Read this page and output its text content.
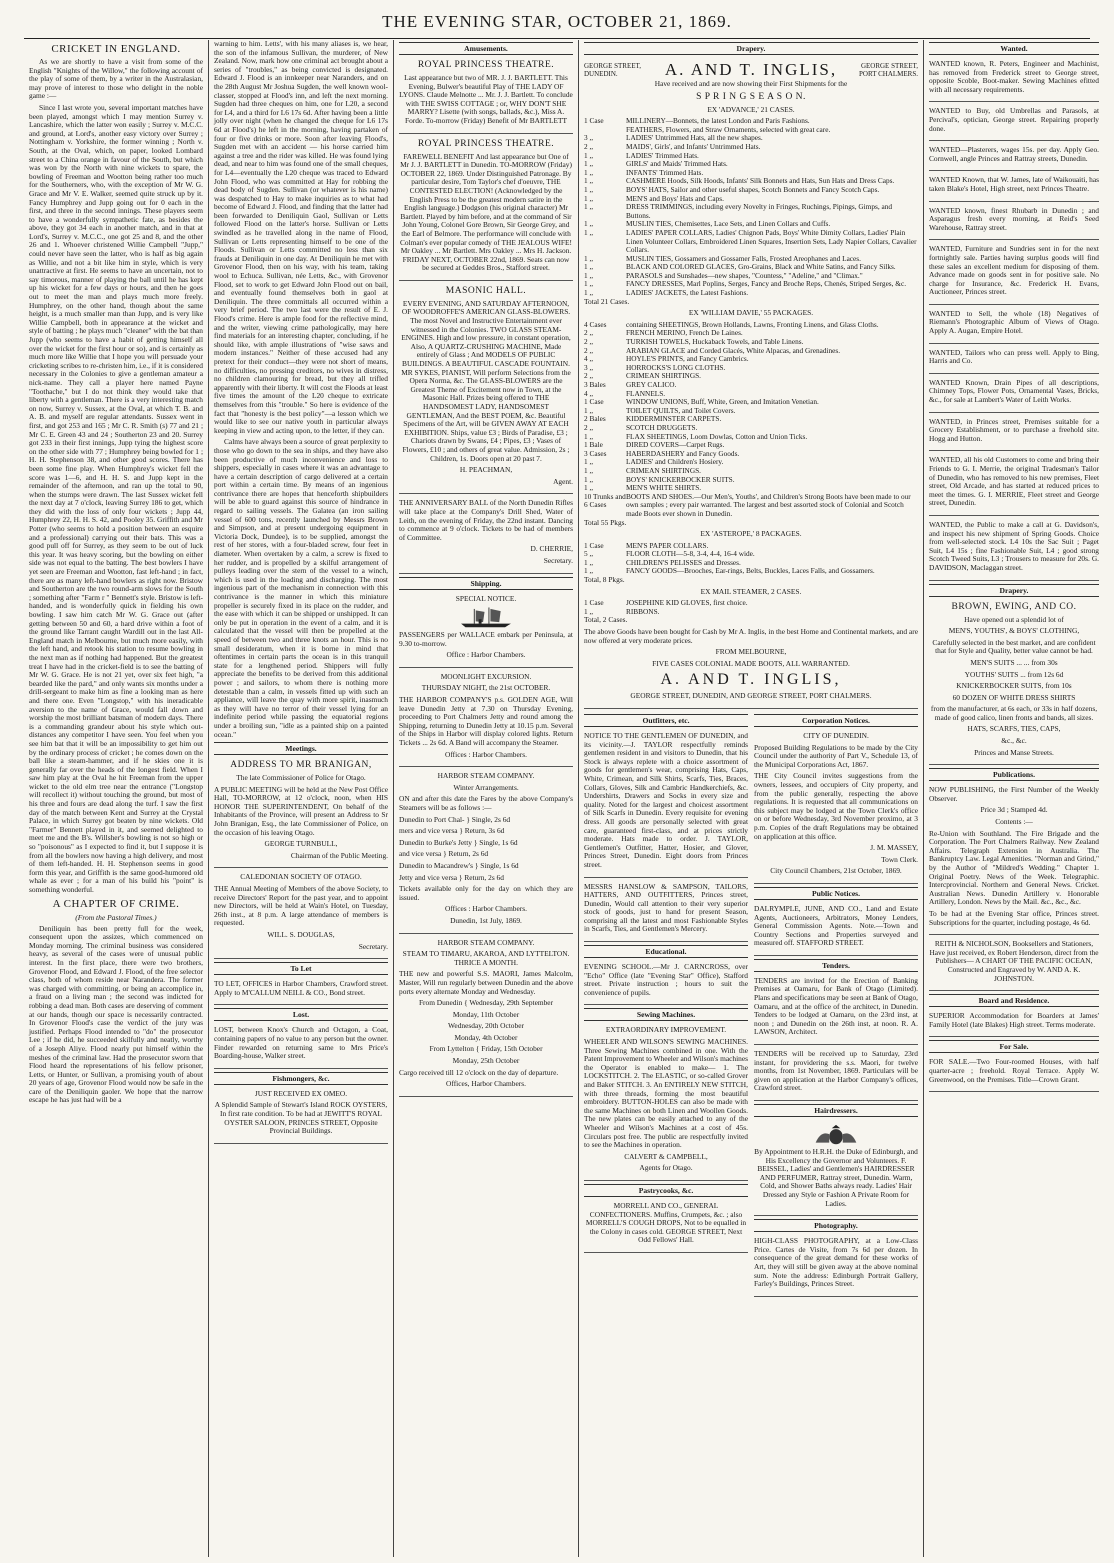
THE EVENING STAR, OCTOBER 21, 1869.
CRICKET IN ENGLAND.

As we are shortly to have a visit from some of the English "Knights of the Willow," the following account of the play of some of them, by a writer in the Australasian, may prove of interest to those who delight in the noble game :—

Since I last wrote you, several important matches have been played, amongst which I may mention Surrey v. Lancashire, which the latter won easily ; Surrey v. M.C.C. and ground, at Lord's, another easy victory over Surrey ; Nottingham v. Yorkshire, the former winning ; North v. South, at the Oval, which, on paper, looked Lombard street to a China orange in favour of the South, but which was won by the North with nine wickets to spare, the bowling of Freeman and Wootton being rather too much for the Southerners, who, with the exception of Mr W. G. Grace and Mr V. E. Walker, seemed quite struck up by it. Fancy Humphrey and Jupp going out for 0 each in the first, and three in the second innings. These players seem to have a wonderfully sympathetic fate, as besides the above, they got 34 each in another match, and in that at Lord's, Surrey v. M.C.C., one got 25 and 8, and the other 26 and 1. Whoever christened Willie Campbell "Jupp," could never have seen the latter, who is half as big again as Willie, and not a bit like him in style, which is very unattractive at first. He seems to have an uncertain, not to say timorous, manner of playing the ball until he has kept up his wicket for a few days or hours, and then he goes out to meet the man and plays much more freely. Humphrey, on the other hand, though about the same height, is a much smaller man than Jupp, and is very like Willie Campbell, both in appearance at the wicket and style of batting ; he plays much "cleaner" with the bat than Jupp (who seems to have a habit of getting himself all over the wicket for the first hour or so), and is certainly as much more like Willie that I hope you will persuade your cricketing scribes to re-christen him, i.e., if it is considered necessary in the Colonies to give a gentleman amateur a nick-name. They call a player here named Payne "Toothache," but I do not think they would take that liberty with a gentleman. There is a very interesting match on now, Surrey v. Sussex, at the Oval, at which T. B. and A. B. and myself are regular attendants. Sussex went in first, and got 253 and 165 ; Mr C. R. Smith (s) 77 and 21 ; Mr C. E. Green 43 and 24 ; Southerton 23 and 20. Surrey got 233 in their first innings, Jupp tying the highest score on the other side with 77 ; Humphrey being bowled for 1 ; H. H. Stephenson 38, and other good scores. There has been some fine play. When Humphrey's wicket fell the score was 1—6, and H. H. S. and Jupp kept in the remainder of the afternoon, and ran up the total to 90, when the stumps were drawn. The last Sussex wicket fell the next day at 7 o'clock, leaving Surrey 186 to get, which they did with the loss of only four wickets ; Jupp 44, Humphrey 22, H. H. S. 42, and Pooley 35. Griffith and Mr Potter (who seems to hold a position between an esquire and a professional) carrying out their bats. This was a good pull off for Surrey, as they seem to be out of luck this year. It was heavy scoring, but the bowling on either side was not equal to the batting. The best bowlers I have yet seen are Freeman and Wootton, fast left-hand ; in fact, there are as many left-hand bowlers as right now. Bristow and Southerton are the two round-arm slows for the South ; something after "Farm r " Bennett's style. Bristow is left-handed, and is wonderfully quick in fielding his own bowling. I saw him catch Mr W. G. Grace out (after getting between 50 and 60, a hard drive within a foot of the ground like Tarrant caught Wardill out in the last All-England match in Melbourne, but much more easily, with the left hand, and retook his station to resume bowling in the next man as if nothing had happened. But the greatest treat I have had in the cricket-field is to see the batting of Mr W. G. Grace. He is not 21 yet, over six feet high, "a bearded like the pard," and only wants six months under a drill-sergeant to make him as fine a looking man as here and there one. Even "Longstop," with his ineradicable aversion to the name of Grace, would fall down and worship the most brilliant batsman of modern days. There is a commanding grandeur about his style which out-distances any competitor I have seen. You feel when you see him bat that it will be an impossibility to get him out by the ordinary process of cricket ; he comes down on the ball like a steam-hammer, and if he skies one it is generally far over the heads of the longest field. When I saw him play at the Oval he hit Freeman from the upper wicket to the old elm tree near the entrance ("Longstop will recollect it) without touching the ground, but most of his three and fours are dead along the turf. I saw the first day of the match between Kent and Surrey at the Crystal Palace, in which Surrey got beaten by nine wickets. Old "Farmer" Bennett played in it, and seemed delighted to meet me and the B's. Willsher's bowling is not so high or so "poisonous" as I expected to find it, but I suppose it is from all the bowlers now having a high delivery, and most of them left-handed. H. H. Stephenson seems in good form this year, and Griffith is the same good-humored old whale as ever ; for a man of his build his "point" is something wonderful.

A CHAPTER OF CRIME.
(From the Pastoral Times.)

Deniliquin has been pretty full for the week, consequent upon the assizes, which commenced on Monday morning. The criminal business was considered heavy, as several of the cases were of unusual public interest. In the first place, there were two brothers, Grovenor Flood, and Edward J. Flood, of the free selector class, both of whom reside near Narandera. The former was charged with committing, or being an accomplice in, a fraud on a living man ; the second was indicted for robbing a dead man. Both cases are deserving of comment at our hands, though our space is necessarily contracted. In Grovenor Flood's case the verdict of the jury was justified. Perhaps Flood intended to "do" the prosecutor Lee ; if he did, he succeeded skilfully and neatly, worthy of a Joseph Aliye. Flood nearly put himself within the meshes of the criminal law. Had the prosecutor sworn that Flood heard the representations of his fellow prisoner, Letts, or Hunter, or Sullivan, a promising youth of about 20 years of age, Grovenor Flood would now be safe in the care of the Deniliquin gaoler. We hope that the narrow escape he has just had will be a

warning to him. Letts', with his many aliases is, we hear, the son of the infamous Sullivan, the murderer, of New Zealand. Now, mark how one criminal act brought about a series of "troubles," as being convicted is designated. Edward J. Flood is an innkeeper near Naranders, and on the 28th August Mr Joshua Sugden, the well known wool-classer, stopped at Flood's inn, and left the next morning. Sugden had three cheques on him, one for L20, a second for L4, and a third for L6 17s 6d. After having been a little jolly over night (when he changed the cheque for L6 17s 6d at Flood's) he left in the morning, having partaken of four or five drinks or more. Soon after leaving Flood's, Sugden met with an accident — his horse carried him against a tree and the rider was killed. He was found lying dead, and near to him was found one of the small cheques, for L4—eventually the L20 cheque was traced to Edward John Flood, who was committed at Hay for robbing the dead body of Sugden. Sullivan (or whatever is his name) was despatched to Hay to make inquiries as to what had become of Edward J. Flood, and finding that the latter had been forwarded to Deniliquin Gaol, Sullivan or Letts followed Flood on the latter's horse. Sullivan or Letts swindled as he travelled along in the name of Flood, Sullivan or Letts representing himself to be one of the Floods. Sullivan or Letts committed no less than six frauds at Deniliquin in one day. At Deniliquin he met with Grovenor Flood, then on his way, with his team, taking wool to Echuca. Sullivan, née Letts, &c., with Grovenor Flood, set to work to get Edward John Flood out on bail, and eventually found themselves both in gaol at Deniliquin. The three committals all occurred within a very brief period. The two last were the result of E. J. Flood's crime. Here is ample food for the reflective mind, and the writer, viewing crime pathologically, may here find materials for an interesting chapter, concluding, if he should like, with ample illustrations of "wise saws and modern instances." Neither of these accused had any pretext for their conduct—they were not short of means, no difficulties, no pressing creditors, no wives in distress, no children clamouring for bread, but they all trifled apparently with their liberty. It will cost the Floods at least five times the amount of the L20 cheque to extricate themselves from this "trouble." So here is evidence of the fact that "honesty is the best policy"—a lesson which we would like to see our native youth in particular always keeping in view and acting upon, to the letter, if they can.

Calms have always been a source of great perplexity to those who go down to the sea in ships, and they have also been productive of much inconvenience and loss to shippers, especially in cases where it was an advantage to have a certain description of cargo delivered at a certain port within a certain time. By means of an ingenious contrivance there are hopes that henceforth shipbuilders will be able to guard against this source of hindrance in regard to sailing vessels. The Galatea (an iron sailing vessel of 600 tons, recently launched by Messrs Brown and Simpson, and at present undergoing equipment in Victoria Dock, Dundee), is to be supplied, amongst the rest of her stores, with a four-bladed screw, four feet in diameter. When overtaken by a calm, a screw is fixed to her rudder, and is propelled by a skilful arrangement of pulleys leading over the stern of the vessel to a winch, which is used in the loading and discharging. The most ingenious part of the mechanism in connection with this contrivance is the manner in which this miniature propeller is securely fixed in its place on the rudder, and the ease with which it can be shipped or unshipped. It can only be put in operation in the event of a calm, and it is calculated that the vessel will then be propelled at the speed of between two and three knots an hour. This is no small desideratum, when it is borne in mind that oftentimes in certain parts the ocean is in this tranquil state for a lengthened period. Shippers will fully appreciate the benefits to be derived from this additional power ; and sailors, to whom there is nothing more detestable than a calm, in vessels fitted up with such an appliance, will leave the quay with more spirit, inasmuch as they will have no terror of their vessel lying for an indefinite period while passing the equatorial regions under a broiling sun, "idle as a painted ship on a painted ocean."

Meetings.

ADDRESS TO MR BRANIGAN,

The late Commissioner of Police for Otago.

A PUBLIC MEETING will be held at the New Post Office Hall, TO-MORROW, at 12 o'clock, noon, when HIS HONOR THE SUPERINTENDENT, On behalf of the Inhabitants of the Province, will present an Address to Sr John Branigan, Esq., the late Commissioner of Police, on the occasion of his leaving Otago.

GEORGE TURNBULL,

Chairman of the Public Meeting.

CALEDONIAN SOCIETY OF OTAGO.

THE Annual Meeting of Members of the above Society, to receive Directors' Report for the past year, and to appoint new Directors, will be held at Wain's Hotel, on Tuesday, 26th inst., at 8 p.m. A large attendance of members is requested.

WILL. S. DOUGLAS,

Secretary.

To Let

TO LET, OFFICES in Harbor Chambers, Crawford street. Apply to M'CALLUM NEILL & CO., Bond street.

Lost.

LOST, between Knox's Church and Octagon, a Coat, containing papers of no value to any person but the owner. Finder rewarded on returning same to Mrs Price's Boarding-house, Walker street.

Fishmongers, &c.

JUST RECEIVED EX OMEO.

A Splendid Sample of Stewart's Island ROCK OYSTERS, In first rate condition. To be had at JEWITT'S ROYAL OYSTER SALOON, PRINCES STREET, Opposite Provincial Buildings.

Amusements.

ROYAL PRINCESS THEATRE.

Last appearance but two of MR. J. J. BARTLETT. This Evening, Bulwer's beautiful Play of THE LADY OF LYONS. Claude Melnotte ... Mr. J. J. Bartlett. To conclude with THE SWISS COTTAGE ; or, WHY DON'T SHE MARRY? Lisette (with songs, ballads, &c.), Miss A. Forde. To-morrow (Friday) Benefit of Mr BARTLETT

ROYAL PRINCESS THEATRE.

FAREWELL BENEFIT And last appearance but One of Mr J. J. BARTLETT in Dunedin. TO-MORROW (Friday) OCTOBER 22, 1869. Under Distinguished Patronage. By particular desire, Tom Taylor's chef d'oeuvre, THE CONTESTED ELECTION! (Acknowledged by the English Press to be the greatest modern satire in the English language.) Dodgson (his original character) Mr Bartlett. Played by him before, and at the command of Sir John Young, Colonel Gore Brown, Sir George Grey, and the Earl of Belmore. The performance will conclude with Colman's ever popular comedy of THE JEALOUS WIFE! Mr Oakley ... Mr Bartlett. Mrs Oakley ... Mrs H. Jackson. FRIDAY NEXT, OCTOBER 22nd, 1869. Seats can now be secured at Geddes Bros., Stafford street.

MASONIC HALL.

EVERY EVENING, AND SATURDAY AFTERNOON, OF WOODROFFE'S AMERICAN GLASS-BLOWERS. The most Novel and Instructive Entertainment ever witnessed in the Colonies. TWO GLASS STEAM-ENGINES. High and low pressure, in constant operation, Also, A QUARTZ-CRUSHING MACHINE, Made entirely of Glass ; And MODELS OF PUBLIC BUILDINGS. A BEAUTIFUL CASCADE FOUNTAIN. MR SYKES, PIANIST, Will perform Selections from the Opera Norma, &c. The GLASS-BLOWERS are the Greatest Theme of Excitement now in Town, at the Masonic Hall. Prizes being offered to THE HANDSOMEST LADY, HANDSOMEST GENTLEMAN, And the BEST POEM, &c. Beautiful Specimens of the Art, will be GIVEN AWAY AT EACH EXHIBITION. Ships, value £3 ; Birds of Paradise, £3 ; Chariots drawn by Swans, £4 ; Pipes, £3 ; Vases of Flowers, £10 ; and others of great value. Admission, 2s ; Children, 1s. Doors open at 20 past 7.

H. PEACHMAN,

Agent.

THE ANNIVERSARY BALL of the North Dunedin Rifles will take place at the Company's Drill Shed, Water of Leith, on the evening of Friday, the 22nd instant. Dancing to commence at 9 o'clock. Tickets to be had of members of Committee.

D. CHERRIE,

Secretary.

Shipping.

SPECIAL NOTICE.

PASSENGERS per WALLACE embark per Peninsula, at 9.30 to-morrow.

Office : Harbor Chambers.

MOONLIGHT EXCURSION.

THURSDAY NIGHT, the 21st OCTOBER.

THE HARBOR COMPANY'S p.s. GOLDEN AGE, Will leave Dunedin Jetty at 7.30 on Thursday Evening, proceeding to Port Chalmers Jetty and round among the Shipping, returning to Dunedin Jetty at 10.15 p.m. Several of the Ships in Harbor will display colored lights. Return Tickets ... 2s 6d. A Band will accompany the Steamer.

Offices : Harbor Chambers.

HARBOR STEAM COMPANY.

Winter Arrangements.

ON and after this date the Fares by the above Company's Steamers will be as follows :—

Dunedin to Port Chal- } Single, 2s 6d

mers and vice versa } Return, 3s 6d

Dunedin to Burke's Jetty } Single, 1s 6d

and vice versa } Return, 2s 6d

Dunedin to Macandrew's } Single, 1s 6d

Jetty and vice versa } Return, 2s 6d

Tickets available only for the day on which they are issued.

Offices : Harbor Chambers.

Dunedin, 1st July, 1869.

HARBOR STEAM COMPANY.

STEAM TO TIMARU, AKAROA, AND LYTTELTON. THRICE A MONTH.

THE new and powerful S.S. MAORI, James Malcolm, Master, Will run regularly between Dunedin and the above ports every alternate Monday and Wednesday.

From Dunedin { Wednesday, 29th September

Monday, 11th October

Wednesday, 20th October

Monday, 4th October

From Lyttelton { Friday, 15th October

Monday, 25th October

Cargo received till 12 o'clock on the day of departure.

Offices, Harbor Chambers.

Drapery.
GEORGE STREET, DUNEDIN.	A. AND T. INGLIS,	GEORGE STREET, PORT CHALMERS.

Have received and are now showing their First Shipments for the

S P R I N G S E A S O N.

EX 'ADVANCE,' 21 CASES.

1 Case	MILLINERY—Bonnets, the latest London and Paris Fashions.
FEATHERS, Flowers, and Straw Ornaments, selected with great care.
3 ,,	LADIES' Untrimmed Hats, all the new shapes.
2 ,,	MAIDS', Girls', and Infants' Untrimmed Hats.
1 ,,	LADIES' Trimmed Hats.
1 ,,	GIRLS' and Maids' Trimmed Hats.
1 ,,	INFANTS' Trimmed Hats.
1 ,,	CASHMERE Hoods, Silk Hoods, Infants' Silk Bonnets and Hats, Sun Hats and Dress Caps.
1 ,,	BOYS' HATS, Sailor and other useful shapes, Scotch Bonnets and Fancy Scotch Caps.
1 ,,	MEN'S and Boys' Hats and Caps.
1 ,,	DRESS TRIMMINGS, including every Novelty in Fringes, Ruchings, Pipings, Gimps, and Buttons.
1 ,,	MUSLIN TIES, Chemisettes, Lace Sets, and Linen Collars and Cuffs.
1 ,,	LADIES' PAPER COLLARS, Ladies' Chignon Pads, Boys' White Dimity Collars, Ladies' Plain Linen Volunteer Collars, Embroidered Linen Squares, Insertion Sets, Lady Napier Collars, Cavalier Collars.
1 ,,	MUSLIN TIES, Gossamers and Gossamer Falls, Frosted Areophanes and Laces.
1 ,,	BLACK AND COLORED GLACES, Gro-Grains, Black and White Satins, and Fancy Silks.
1 ,,	PARASOLS and Sunshades—new shapes, "Countess," "Adeline," and "Climax."
1 ,,	FANCY DRESSES, Marl Poplins, Serges, Fancy and Broche Reps, Chenés, Striped Serges, &c.
1 ,,	LADIES' JACKETS, the Latest Fashions.

Total 21 Cases.

EX 'WILLIAM DAVIE,' 55 PACKAGES.

4 Cases	containing SHEETINGS, Brown Hollands, Lawns, Fronting Linens, and Glass Cloths.
2 ,,	FRENCH MERINO, French De Laines.
2 ,,	TURKISH TOWELS, Huckaback Towels, and Table Linens.
2 ,,	ARABIAN GLACE and Corded Glacés, White Alpacas, and Grenadines.
4 ,,	HOYLE'S PRINTS, and Fancy Cambrics.
3 ,,	HORROCKS'S LONG CLOTHS.
2 ,,	CRIMEAN SHIRTINGS.
3 Bales	GREY CALICO.
4 ,,	FLANNELS.
1 Case	WINDOW UNIONS, Buff, White, Green, and Imitation Venetian.
1 ,,	TOILET QUILTS, and Toilet Covers.
2 Bales	KIDDERMINSTER CARPETS.
2 ,,	SCOTCH DRUGGETS.
1 ,,	FLAX SHEETINGS, Loom Dowlas, Cotton and Union Ticks.
1 Bale	DIRED COVERS—Carpet Rugs.
3 Cases	HABERDASHERY and Fancy Goods.
1 ,,	LADIES' and Children's Hosiery.
1 ,,	CRIMEAN SHIRTINGS.
1 ,,	BOYS' KNICKERBOCKER SUITS.
1 ,,	MEN'S WHITE SHIRTS.
10 Trunks and 6 Cases
BOOTS AND SHOES.—Our Men's, Youths', and Children's Strong Boots have been made to our own samples ; every pair warranted. The largest and best assorted stock of Colonial and Scotch made Boots ever shown in Dunedin.

Total 55 Pkgs.

EX 'ASTEROPE,' 8 PACKAGES.

1 Case	MEN'S PAPER COLLARS.
5 ,,	FLOOR CLOTH—5-8, 3-4, 4-4, 16-4 wide.
1 ,,	CHILDREN'S PELISSES and Dresses.
1 ,,	FANCY GOODS—Brooches, Ear-rings, Belts, Buckles, Laces Falls, and Gossamers.

Total, 8 Pkgs.

EX MAIL STEAMER, 2 CASES.

1 Case	JOSEPHINE KID GLOVES, first choice.
1 ,,	RIBBONS.

Total, 2 Cases.

The above Goods have been bought for Cash by Mr A. Inglis, in the best Home and Continental markets, and are now offered at very moderate prices.

FROM MELBOURNE,

FIVE CASES COLONIAL MADE BOOTS, ALL WARRANTED.

A. AND T. INGLIS,

GEORGE STREET, DUNEDIN, AND GEORGE STREET, PORT CHALMERS.

Outfitters, etc.

NOTICE TO THE GENTLEMEN OF DUNEDIN, and its vicinity.—J. TAYLOR respectfully reminds gentlemen resident in and visitors to Dunedin, that his Stock is always replete with a choice assortment of goods for gentlemen's wear, comprising Hats, Caps, White, Crimean, and Silk Shirts, Scarfs, Ties, Braces, Collars, Gloves, Silk and Cambric Handkerchiefs, &c. Undershirts, Drawers and Socks in every size and quality. Noted for the largest and choicest assortment of Silk Scarfs in Dunedin. Every requisite for evening dress. All goods are personally selected with great care, guaranteed first-class, and at prices strictly moderate. Hats made to order. J. TAYLOR, Gentlemen's Outfitter, Hatter, Hosier, and Glover, Princes Street, Dunedin. Eight doors from Princes street.

MESSRS HANSLOW & SAMPSON, TAILORS, HATTERS, AND OUTFITTERS, Princes street, Dunedin, Would call attention to their very superior stock of goods, just to hand for present Season, comprising all the latest and most Fashionable Styles in Scarfs, Ties, and Gentlemen's Mercery.

Educational.

EVENING SCHOOL.—Mr J. CARNCROSS, over "Echo" Office (late "Evening Star" Office), Stafford street. Private instruction ; hours to suit the convenience of pupils.

Sewing Machines.

EXTRAORDINARY IMPROVEMENT.

WHEELER AND WILSON'S SEWING MACHINES. Three Sewing Machines combined in one. With the Patent Improvement to Wheeler and Wilson's machines the Operator is enabled to make— 1. The LOCKSTITCH. 2. The ELASTIC, or so-called Grover and Baker STITCH. 3. An ENTIRELY NEW STITCH, with three threads, forming the most beautiful embroidery. BUTTON-HOLES can also be made with the same Machines on both Linen and Woollen Goods. The new plates can be easily attached to any of the Wheeler and Wilson's Machines at a cost of 45s. Circulars post free. The public are respectfully invited to see the Machines in operation.

CALVERT & CAMPBELL,

Agents for Otago.

Pastrycooks, &c.

MORRELL AND CO., GENERAL CONFECTIONERS. Muffins, Crumpets, &c. ; also MORRELL'S COUGH DROPS, Not to be equalled in the Colony in cases cold. GEORGE STREET, Next Odd Fellows' Hall.

Corporation Notices.

CITY OF DUNEDIN.

Proposed Building Regulations to be made by the City Council under the authority of Part V., Schedule 13, of the Municipal Corporations Act, 1867.

THE City Council invites suggestions from the owners, lessees, and occupiers of City property, and from the public generally, respecting the above regulations. It is requested that all communications on this subject may be lodged at the Town Clerk's office on or before Wednesday, 3rd November proximo, at 3 p.m. Copies of the draft Regulations may be obtained on application at this office.

J. M. MASSEY,

Town Clerk.

City Council Chambers, 21st October, 1869.

Public Notices.

DALRYMPLE, JUNE, AND CO., Land and Estate Agents, Auctioneers, Arbitrators, Money Lenders, General Commission Agents. Note.—Town and Country Sections and Properties surveyed and measured off. STAFFORD STREET.

Tenders.

TENDERS are invited for the Erection of Banking Premises at Oamaru, for Bank of Otago (Limited). Plans and specifications may be seen at Bank of Otago, Oamaru, and at the office of the architect, in Dunedin. Tenders to be lodged at Oamaru, on the 23rd inst, at noon ; and Dunedin on the 26th inst, at noon. R. A. LAWSON, Architect.

TENDERS will be received up to Saturday, 23rd instant, for providering the s.s. Maori, for twelve months, from 1st November, 1869. Particulars will be given on application at the Harbor Company's offices, Crawford street.

Hairdressers.

By Appointment to H.R.H. the Duke of Edinburgh, and His Excellency the Governor and Volunteers. F. BEISSEL, Ladies' and Gentlemen's HAIRDRESSER AND PERFUMER, Rattray street, Dunedin. Warm, Cold, and Shower Baths always ready. Ladies' Hair Dressed any Style or Fashion A Private Room for Ladies.

Photography.

HIGH-CLASS PHOTOGRAPHY, at a Low-Class Price. Cartes de Visite, from 7s 6d per dozen. In consequence of the great demand for these works of Art, they will still be given away at the above nominal sum. Note the address: Edinburgh Portrait Gallery, Farley's Buildings, Princes Street.

Wanted.

WANTED known, R. Peters, Engineer and Machinist, has removed from Frederick street to George street, opposite Scoble, Boot-maker. Sewing Machines efitted with all necessary requirements.

WANTED to Buy, old Umbrellas and Parasols, at Percival's, optician, George street. Repairing properly done.

WANTED—Plasterers, wages 15s. per day. Apply Geo. Cornwell, angle Princes and Rattray streets, Dunedin.

WANTED Known, that W. James, late of Waikouaiti, has taken Blake's Hotel, High street, next Princes Theatre.

WANTED known, finest Rhubarb in Dunedin ; and Asparagus fresh every morning, at Reid's Seed Warehouse, Rattray street.

WANTED, Furniture and Sundries sent in for the next fortnightly sale. Parties having surplus goods will find these sales an excellent medium for disposing of them. Advance made on goods sent in for positive sale. No charge for Insurance, &c. Frederick H. Evans, Auctioneer, Princes street.

WANTED to Sell, the whole (18) Negatives of Riemann's Photographic Album of Views of Otago. Apply A. Augan, Empire Hotel.

WANTED, Tailors who can press well. Apply to Bing, Harris and Co.

WANTED Known, Drain Pipes of all descriptions, Chimney Tops, Flower Pots, Ornamental Vases, Bricks, &c., for sale at Lambert's Water of Leith Works.

WANTED, in Princes street, Premises suitable for a Grocery Establishment, or to purchase a freehold site. Hogg and Hutton.

WANTED, all his old Customers to come and bring their Friends to G. I. Merrie, the original Tradesman's Tailor of Dunedin, who has removed to his new premises, Fleet street, Old Arcade, and has started at reduced prices to meet the times. G. I. MERRIE, Fleet street and George street, Dunedin.

WANTED, the Public to make a call at G. Davidson's, and inspect his new shipment of Spring Goods. Choice from well-selected stock. L4 10s the Sac Suit ; Paget Suit, L4 15s ; fine Fashionable Suit, L4 ; good strong Scotch Tweed Suits, L3 ; Trousers to measure for 20s. G. DAVIDSON, Maclaggan street.

Drapery.

BROWN, EWING, AND CO.

Have opened out a splendid lot of

MEN'S, YOUTHS', & BOYS' CLOTHING,

Carefully selected in the best market, and are confident that for Style and Quality, better value cannot be had.

MEN'S SUITS ... ... from 30s

YOUTHS' SUITS ... from 12s 6d

KNICKERBOCKER SUITS, from 10s

60 DOZEN OF WHITE DRESS SHIRTS

from the manufacturer, at 6s each, or 33s in half dozens, made of good calico, linen fronts and bands, all sizes.

HATS, SCARFS, TIES, CAPS,

&c., &c.

Princes and Manse Streets.

Publications.

NOW PUBLISHING, the First Number of the Weekly Observer.

Price 3d ; Stamped 4d.

Contents :—

Re-Union with Southland. The Fire Brigade and the Corporation. The Port Chalmers Railway. New Zealand Affairs. Telegraph Extension in Australia. The Bankruptcy Law. Legal Amenities. "Norman and Grind," by the Author of "Mildred's Wedding." Chapter 1. Original Poetry. News of the Week. Telegraphic. Intercprovincial. Northern and General News. Cricket. Australian News. Dunedin Artillery v. Honorable Artillery, London. News by the Mail. &c., &c., &c.

To be had at the Evening Star office, Princes street. Subscriptions for the quarter, including postage, 4s 6d.

REITH & NICHOLSON, Booksellers and Stationers, Have just received, ex Robert Henderson, direct from the Publishers— A CHART OF THE PACIFIC OCEAN, Constructed and Engraved by W. AND A. K. JOHNSTON.

Board and Residence.

SUPERIOR Accommodation for Boarders at James' Family Hotel (late Blakes) High street. Terms moderate.

For Sale.

FOR SALE.—Two Four-roomed Houses, with half quarter-acre ; freehold. Royal Terrace. Apply W. Greenwood, on the Premises. Title—Crown Grant.
